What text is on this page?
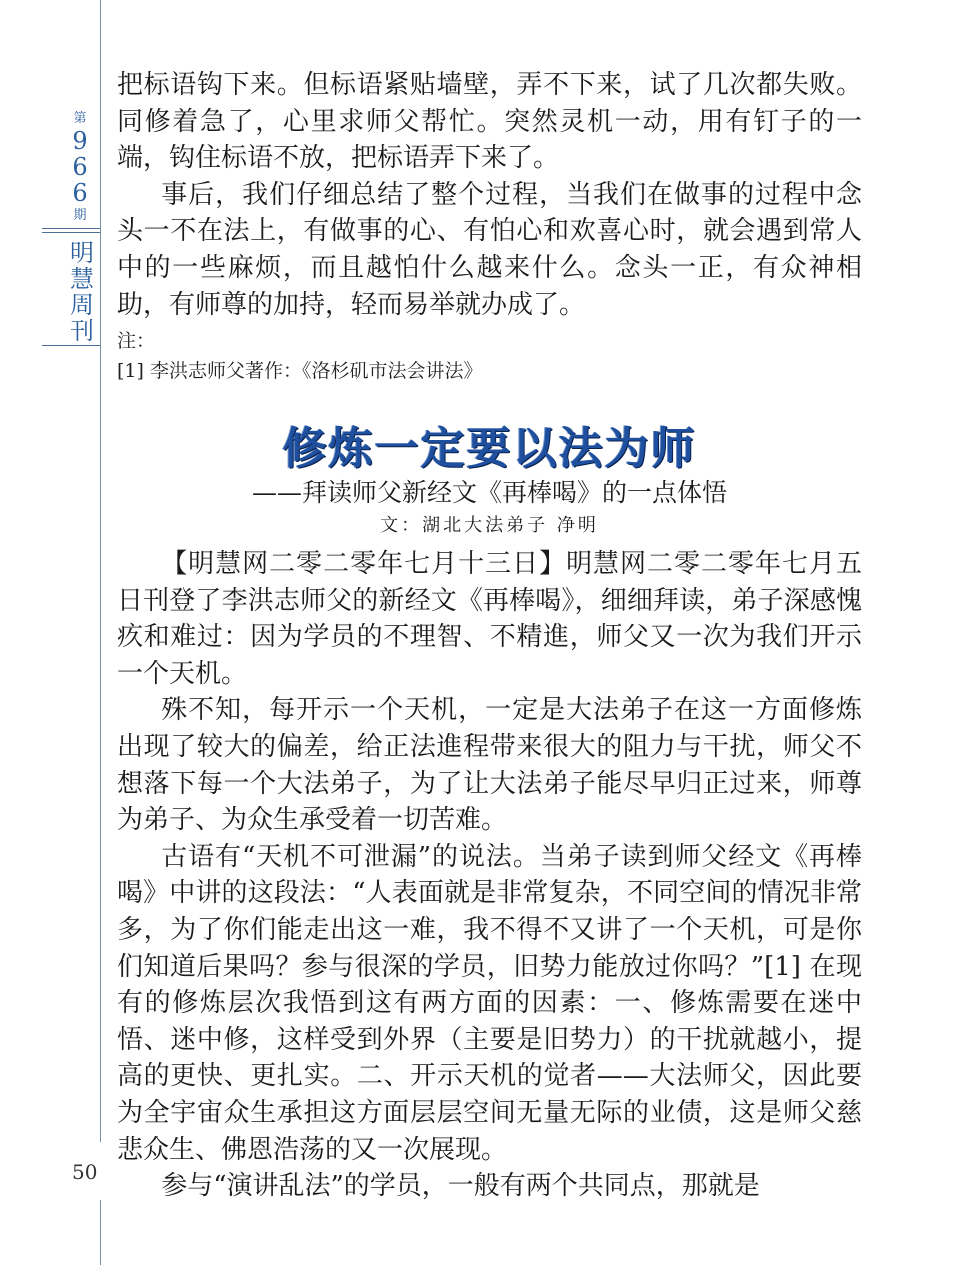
第
9
6
6
期
明
慧
周
刊
50

把标语钩下来。但标语紧贴墙壁，弄不下来，试了几次都失败。同修着急了，心里求师父帮忙。突然灵机一动，用有钉子的一端，钩住标语不放，把标语弄下来了。

事后，我们仔细总结了整个过程，当我们在做事的过程中念头一不在法上，有做事的心、有怕心和欢喜心时，就会遇到常人中的一些麻烦，而且越怕什么越来什么。念头一正，有众神相助，有师尊的加持，轻而易举就办成了。

注：
[1] 李洪志师父著作：《洛杉矶市法会讲法》
修炼一定要以法为师
——拜读师父新经文《再棒喝》的一点体悟
文：湖北大法弟子 净明

【明慧网二零二零年七月十三日】明慧网二零二零年七月五日刊登了李洪志师父的新经文《再棒喝》，细细拜读，弟子深感愧疚和难过：因为学员的不理智、不精進，师父又一次为我们开示一个天机。

殊不知，每开示一个天机，一定是大法弟子在这一方面修炼出现了较大的偏差，给正法進程带来很大的阻力与干扰，师父不想落下每一个大法弟子，为了让大法弟子能尽早归正过来，师尊为弟子、为众生承受着一切苦难。

古语有“天机不可泄漏”的说法。当弟子读到师父经文《再棒喝》中讲的这段法：“人表面就是非常复杂，不同空间的情况非常多，为了你们能走出这一难，我不得不又讲了一个天机，可是你们知道后果吗？参与很深的学员，旧势力能放过你吗？”[1] 在现有的修炼层次我悟到这有两方面的因素：一、修炼需要在迷中悟、迷中修，这样受到外界（主要是旧势力）的干扰就越小，提高的更快、更扎实。二、开示天机的觉者——大法师父，因此要为全宇宙众生承担这方面层层空间无量无际的业债，这是师父慈悲众生、佛恩浩荡的又一次展现。

参与“演讲乱法”的学员，一般有两个共同点，那就是
